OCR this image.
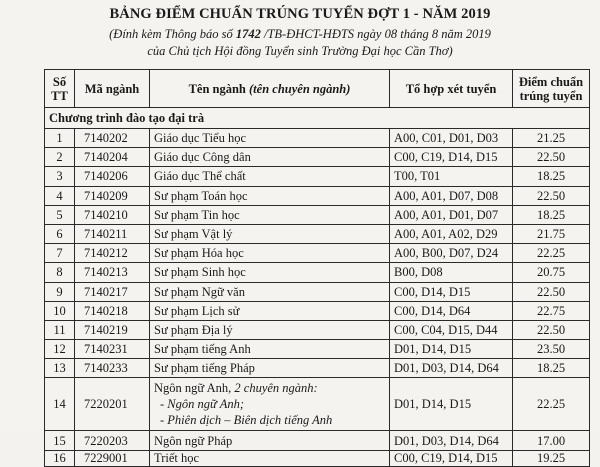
BẢNG ĐIỂM CHUẨN TRÚNG TUYỂN ĐỢT 1 - NĂM 2019
(Đính kèm Thông báo số 1742 /TB-ĐHCT-HĐTS ngày 08 tháng 8 năm 2019
của Chủ tịch Hội đồng Tuyển sinh Trường Đại học Cần Thơ)
Số TT	Mã ngành	Tên ngành (tên chuyên ngành)	Tổ hợp xét tuyển	Điểm chuẩn trúng tuyển
Chương trình đào tạo đại trà				
1	7140202	Giáo dục Tiểu học	A00, C01, D01, D03	21.25
2	7140204	Giáo dục Công dân	C00, C19, D14, D15	22.50
3	7140206	Giáo dục Thể chất	T00, T01	18.25
4	7140209	Sư phạm Toán học	A00, A01, D07, D08	22.50
5	7140210	Sư phạm Tin học	A00, A01, D01, D07	18.25
6	7140211	Sư phạm Vật lý	A00, A01, A02, D29	21.75
7	7140212	Sư phạm Hóa học	A00, B00, D07, D24	22.25
8	7140213	Sư phạm Sinh học	B00, D08	20.75
9	7140217	Sư phạm Ngữ văn	C00, D14, D15	22.50
10	7140218	Sư phạm Lịch sử	C00, D14, D64	22.75
11	7140219	Sư phạm Địa lý	C00, C04, D15, D44	22.50
12	7140231	Sư phạm tiếng Anh	D01, D14, D15	23.50
13	7140233	Sư phạm tiếng Pháp	D01, D03, D14, D64	18.25
14	7220201	Ngôn ngữ Anh, 2 chuyên ngành:
- Ngôn ngữ Anh;
- Phiên dịch – Biên dịch tiếng Anh	D01, D14, D15	22.25
15	7220203	Ngôn ngữ Pháp	D01, D03, D14, D64	17.00
16	7229001	Triết học	C00, C19, D14, D15	19.25
